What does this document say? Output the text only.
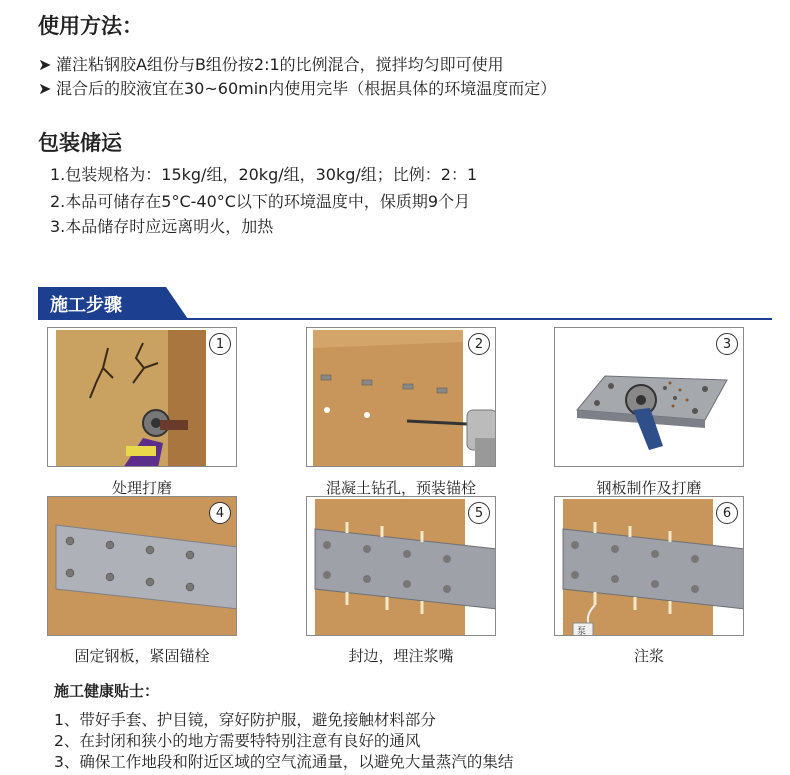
使用方法：
➤ 灌注粘钢胶A组份与B组份按2:1的比例混合，搅拌均匀即可使用
➤ 混合后的胶液宜在30~60min内使用完毕（根据具体的环境温度而定）
包装储运
1.包装规格为：15kg/组，20kg/组，30kg/组；比例：2：1
2.本品可储存在5°C-40°C以下的环境温度中，保质期9个月
3.本品储存时应远离明火，加热
施工步骤
1	2	3
4	5
泵
6
处理打磨	混凝土钻孔，预装锚栓	钢板制作及打磨
固定钢板，紧固锚栓	封边，埋注浆嘴	注浆
施工健康贴士：
1、带好手套、护目镜，穿好防护服，避免接触材料部分
2、在封闭和狭小的地方需要特特别注意有良好的通风
3、确保工作地段和附近区域的空气流通量，以避免大量蒸汽的集结
